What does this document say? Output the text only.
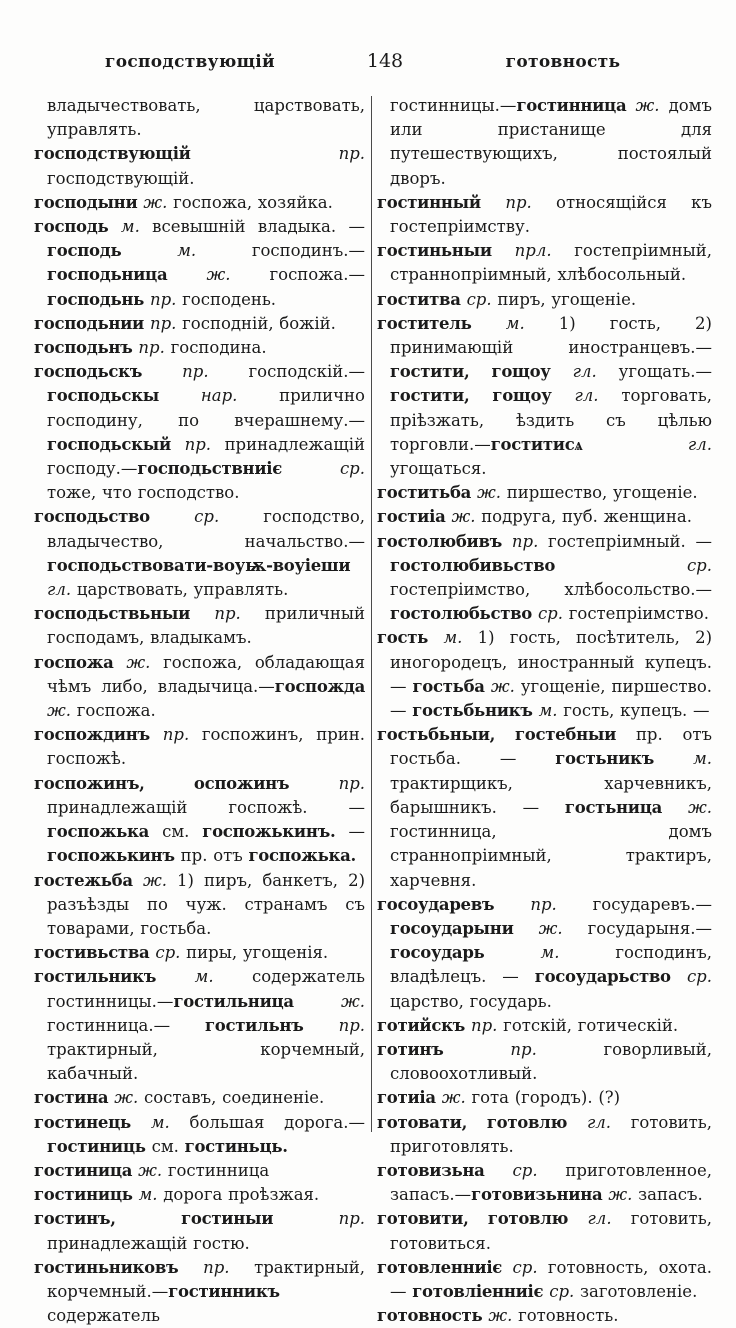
господствующій	148	готовность

владычествовать, царствовать, управлять.

господствующій пр. господствующій.

господыни ж. госпожа, хозяйка.

господь м. всевышній владыка. — господь м. господинъ.— господьница ж. госпожа.—господьнь пр. господень.

господьнии пр. господній, божій.

господьнъ пр. господина.

господьскъ пр. господскій.—господьскы нар. прилично господину, по вчерашнему.—господьскый пр. принадлежащій господу.—господьствниіє ср. тоже, что господство.

господьство ср. господство, владычество, начальство.—господьствовати-воуѭ-воуіеши гл. царствовать, управлять.

господьствьныи пр. приличный господамъ, владыкамъ.

госпожа ж. госпожа, обладающая чѣмъ либо, владычица.—госпожда ж. госпожа.

госпождинъ пр. госпожинъ, прин. госпожѣ.

госпожинъ, оспожинъ пр. принадлежащій госпожѣ. — госпожька см. госпожькинъ. — госпожькинъ пр. отъ госпожька.

гостежьба ж. 1) пиръ, банкетъ, 2) разъѣзды по чуж. странамъ съ товарами, гостьба.

гостивьства ср. пиры, угощенія.

гостильникъ м. содержатель гостинницы.—гостильница ж. гостинница.— гостильнъ пр. трактирный, корчемный, кабачный.

гостина ж. составъ, соединеніе.

гостинець м. большая дорога.—гостиниць см. гостиньць.

гостиница ж. гостинница

гостиниць м. дорога проѣзжая.

гостинъ, гостиныи пр. принадлежащій гостю.

гостиньниковъ пр. трактирный, корчемный.—гостинникъ содержатель

гостинницы.—гостинница ж. домъ или пристанище для путешествующихъ, постоялый дворъ.

гостинный пр. относящійся къ гостепріимству.

гостиньныи прл. гостепріимный, страннопріимный, хлѣбосольный.

гоститва ср. пиръ, угощеніе.

гоститель м. 1) гость, 2) принимающій иностранцевъ.—гостити, гощоу гл. угощать.— гостити, гощоу гл. торговать, пріѣзжать, ѣздить съ цѣлью торговли.—гоститисѧ гл. угощаться.

гоститьба ж. пиршество, угощеніе.

гостиіа ж. подруга, пуб. женщина.

гостолюбивъ пр. гостепріимный. — гостолюбивьство ср. гостепріимство, хлѣбосольство.—гостолюбьство ср. гостепріимство.

гость м. 1) гость, посѣтитель, 2) иногородецъ, иностранный купецъ.— гостьба ж. угощеніе, пиршество.— гостьбьникъ м. гость, купецъ. —

гостьбьныи, гостебныи пр. отъ гостьба. — гостьникъ м. трактирщикъ, харчевникъ, барышникъ. — гостьница ж. гостинница, домъ страннопріимный, трактиръ, харчевня.

госоударевъ пр. государевъ.—госоударыни ж. государыня.—госоударь м. господинъ, владѣлецъ. — госоударьство ср. царство, государь.

готийскъ пр. готскій, готическій.

готинъ пр. говорливый, словоохотливый.

готиіа ж. гота (городъ). (?)

готовати, готовлю гл. готовить, приготовлять.

готовизьна ср. приготовленное, запасъ.—готовизьнина ж. запасъ.

готовити, готовлю гл. готовить, готовиться.

готовленниіє ср. готовность, охота. — готовліенниіє ср. заготовленіе.

готовность ж. готовность.
